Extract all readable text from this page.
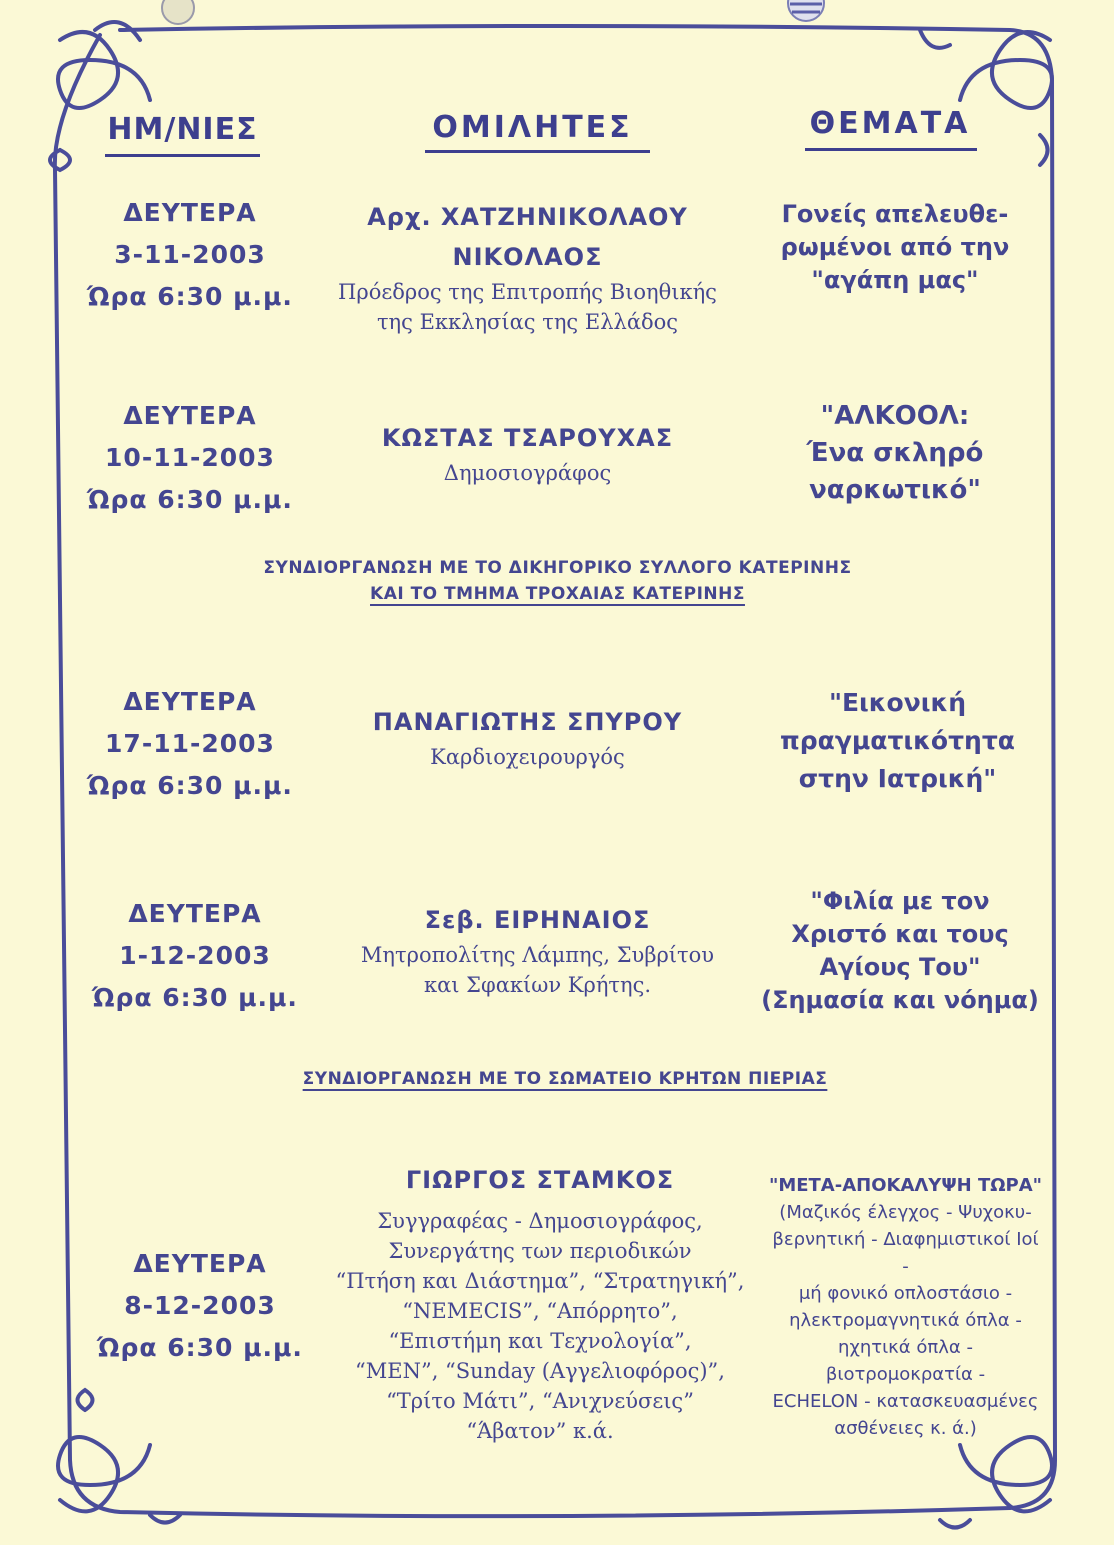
ΗΜ/ΝΙΕΣ	ΟΜΙΛΗΤΕΣ	ΘΕΜΑΤΑ
ΔΕΥΤΕΡΑ
3-11-2003
Ώρα 6:30 μ.μ.
Αρχ. ΧΑΤΖΗΝΙΚΟΛΑΟΥ ΝΙΚΟΛΑΟΣ
Πρόεδρος της Επιτροπής Βιοηθικής
της Εκκλησίας της Ελλάδος
Γονείς απελευθε-
ρωμένοι από την
"αγάπη μας"
ΔΕΥΤΕΡΑ
10-11-2003
Ώρα 6:30 μ.μ.
ΚΩΣΤΑΣ ΤΣΑΡΟΥΧΑΣ
Δημοσιογράφος
"ΑΛΚΟΟΛ:
Ένα σκληρό
ναρκωτικό"
ΣΥΝΔΙΟΡΓΑΝΩΣΗ ΜΕ ΤΟ ΔΙΚΗΓΟΡΙΚΟ ΣΥΛΛΟΓΟ ΚΑΤΕΡΙΝΗΣ
ΚΑΙ ΤΟ ΤΜΗΜΑ ΤΡΟΧΑΙΑΣ ΚΑΤΕΡΙΝΗΣ
ΔΕΥΤΕΡΑ
17-11-2003
Ώρα 6:30 μ.μ.
ΠΑΝΑΓΙΩΤΗΣ ΣΠΥΡΟΥ
Καρδιοχειρουργός
"Εικονική
πραγματικότητα
στην Ιατρική"
ΔΕΥΤΕΡΑ
1-12-2003
Ώρα 6:30 μ.μ.
Σεβ. ΕΙΡΗΝΑΙΟΣ
Μητροπολίτης Λάμπης, Συβρίτου
και Σφακίων Κρήτης.
"Φιλία με τον
Χριστό και τους
Αγίους Του"
(Σημασία και νόημα)
ΣΥΝΔΙΟΡΓΑΝΩΣΗ ΜΕ ΤΟ ΣΩΜΑΤΕΙΟ ΚΡΗΤΩΝ ΠΙΕΡΙΑΣ
ΔΕΥΤΕΡΑ
8-12-2003
Ώρα 6:30 μ.μ.
ΓΙΩΡΓΟΣ ΣΤΑΜΚΟΣ
Συγγραφέας - Δημοσιογράφος,
Συνεργάτης των περιοδικών
“Πτήση και Διάστημα”, “Στρατηγική”,
“NEMECIS”, “Απόρρητο”,
“Επιστήμη και Τεχνολογία”,
“MEN”, “Sunday (Αγγελιοφόρος)”,
“Τρίτο Μάτι”, “Ανιχνεύσεις”
“Άβατον” κ.ά.
"ΜΕΤΑ-ΑΠΟΚΑΛΥΨΗ ΤΩΡΑ"
(Μαζικός έλεγχος - Ψυχοκυ-
βερνητική - Διαφημιστικοί Ιοί -
μή φονικό οπλοστάσιο -
ηλεκτρομαγνητικά όπλα -
ηχητικά όπλα - βιοτρομοκρατία -
ECHELON - κατασκευασμένες
ασθένειες κ. ά.)
